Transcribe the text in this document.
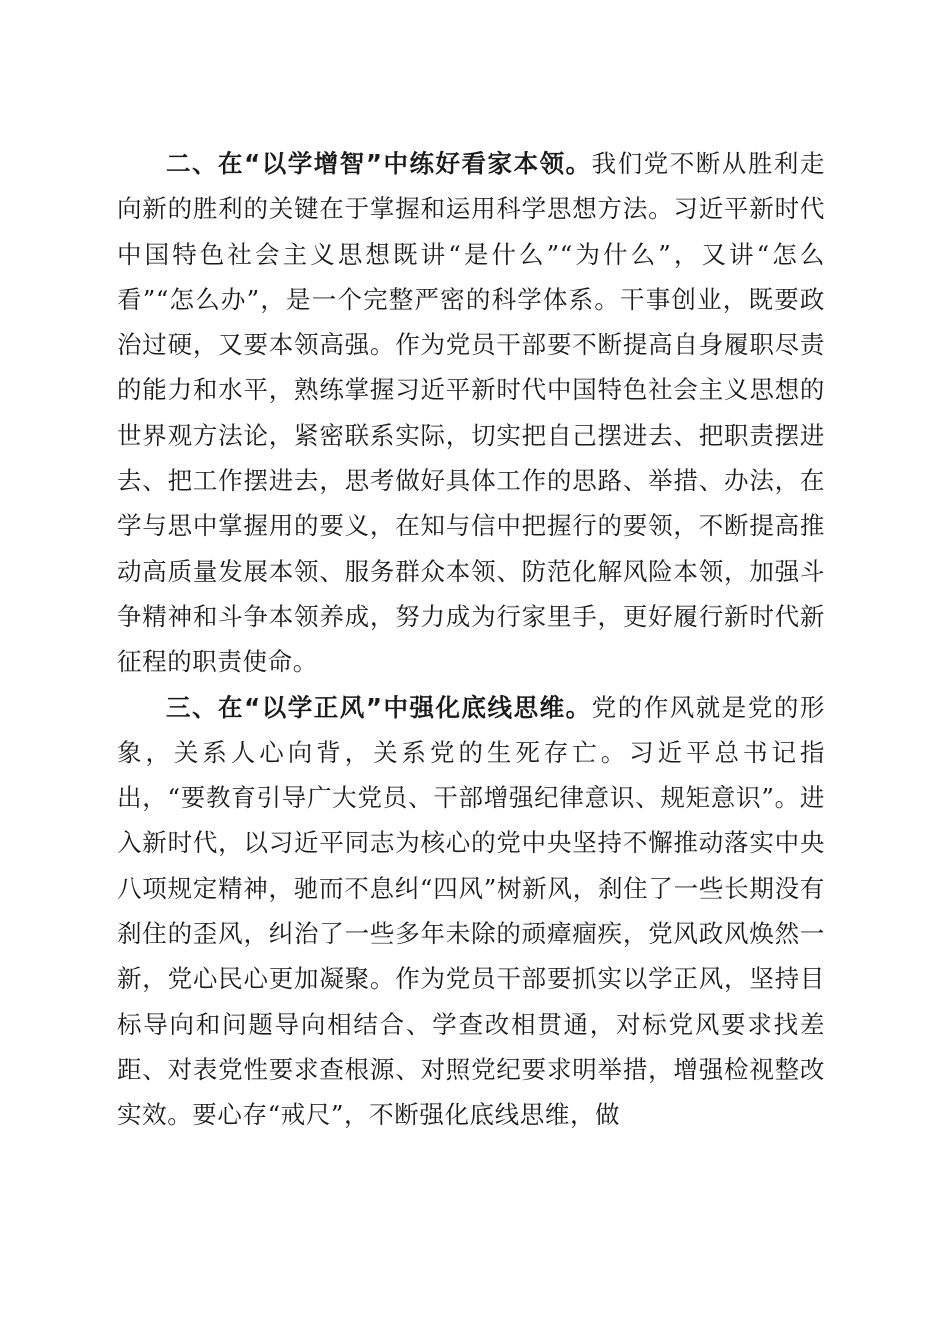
二、在“以学增智”中练好看家本领。我们党不断从胜利走向新的胜利的关键在于掌握和运用科学思想方法。习近平新时代中国特色社会主义思想既讲“是什么”“为什么”，又讲“怎么看”“怎么办”，是一个完整严密的科学体系。干事创业，既要政治过硬，又要本领高强。作为党员干部要不断提高自身履职尽责的能力和水平，熟练掌握习近平新时代中国特色社会主义思想的世界观方法论，紧密联系实际，切实把自己摆进去、把职责摆进去、把工作摆进去，思考做好具体工作的思路、举措、办法，在学与思中掌握用的要义，在知与信中把握行的要领，不断提高推动高质量发展本领、服务群众本领、防范化解风险本领，加强斗争精神和斗争本领养成，努力成为行家里手，更好履行新时代新征程的职责使命。

三、在“以学正风”中强化底线思维。党的作风就是党的形象，关系人心向背，关系党的生死存亡。习近平总书记指出，“要教育引导广大党员、干部增强纪律意识、规矩意识”。进入新时代，以习近平同志为核心的党中央坚持不懈推动落实中央八项规定精神，驰而不息纠“四风”树新风，刹住了一些长期没有刹住的歪风，纠治了一些多年未除的顽瘴痼疾，党风政风焕然一新，党心民心更加凝聚。作为党员干部要抓实以学正风，坚持目标导向和问题导向相结合、学查改相贯通，对标党风要求找差距、对表党性要求查根源、对照党纪要求明举措，增强检视整改实效。要心存“戒尺”，不断强化底线思维，做
